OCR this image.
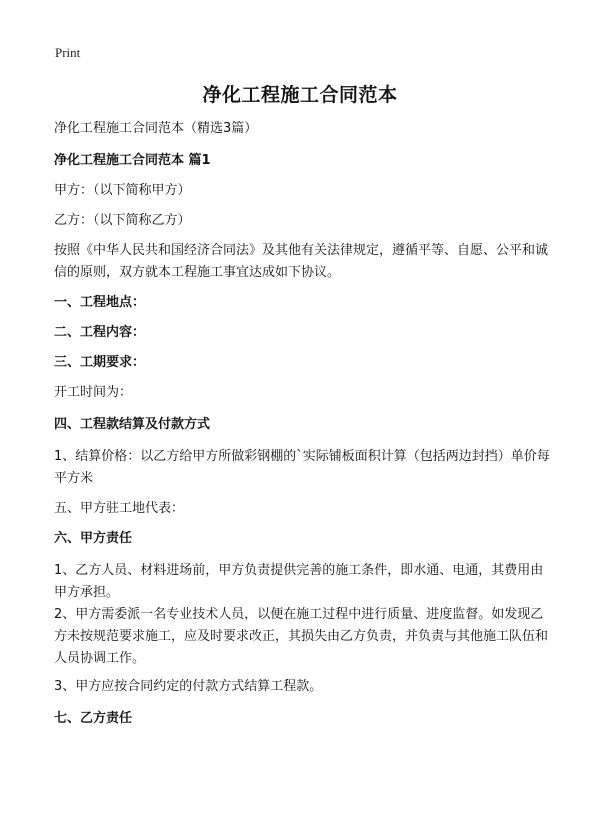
Print
净化工程施工合同范本
净化工程施工合同范本（精选3篇）
净化工程施工合同范本 篇1
甲方：（以下简称甲方）
乙方：（以下简称乙方）
按照《中华人民共和国经济合同法》及其他有关法律规定，遵循平等、自愿、公平和诚信的原则，双方就本工程施工事宜达成如下协议。
一、工程地点：
二、工程内容：
三、工期要求：
开工时间为：
四、工程款结算及付款方式
1、结算价格：以乙方给甲方所做彩钢棚的`实际铺板面积计算（包括两边封挡）单价每平方米
五、甲方驻工地代表：
六、甲方责任
1、乙方人员、材料进场前，甲方负责提供完善的施工条件，即水通、电通，其费用由甲方承担。
2、甲方需委派一名专业技术人员，以便在施工过程中进行质量、进度监督。如发现乙方未按规范要求施工，应及时要求改正，其损失由乙方负责，并负责与其他施工队伍和人员协调工作。
3、甲方应按合同约定的付款方式结算工程款。
七、乙方责任
